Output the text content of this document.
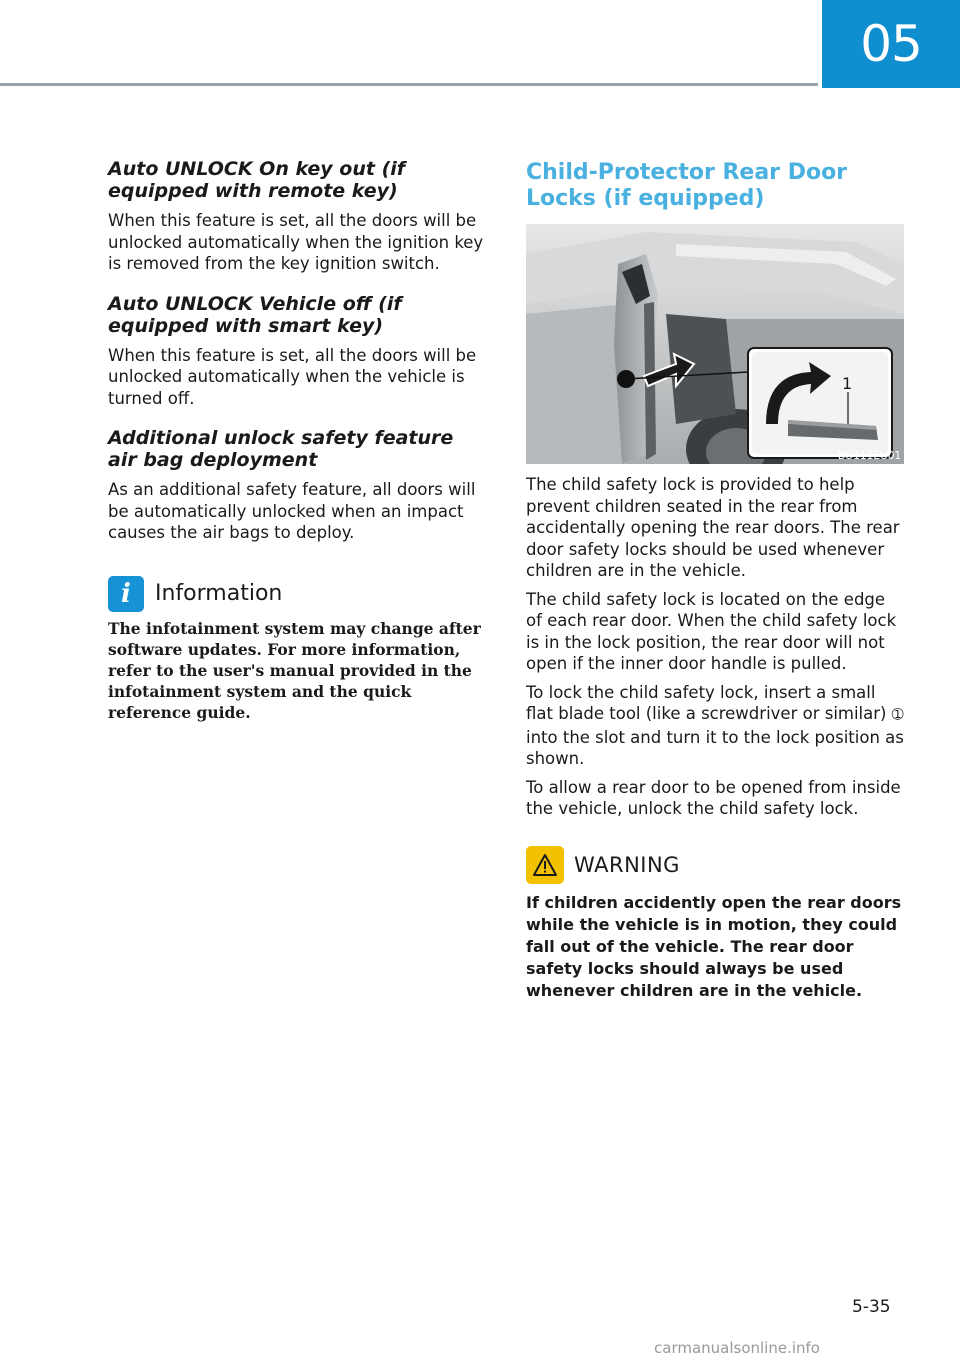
05
Auto UNLOCK On key out (if equipped with remote key)

When this feature is set, all the doors will be unlocked automatically when the ignition key is removed from the key ignition switch.

Auto UNLOCK Vehicle off (if equipped with smart key)

When this feature is set, all the doors will be unlocked automatically when the vehicle is turned off.

Additional unlock safety feature air bag deployment

As an additional safety feature, all doors will be automatically unlocked when an impact causes the air bags to deploy.

i	Information

The infotainment system may change after software updates. For more information, refer to the user's manual provided in the infotainment system and the quick reference guide.

Child-Protector Rear Door Locks (if equipped)
1
BO111EU01

The child safety lock is provided to help prevent children seated in the rear from accidentally opening the rear doors. The rear door safety locks should be used whenever children are in the vehicle.

The child safety lock is located on the edge of each rear door. When the child safety lock is in the lock position, the rear door will not open if the inner door handle is pulled.

To lock the child safety lock, insert a small flat blade tool (like a screwdriver or similar) ➀ into the slot and turn it to the lock position as shown.

To allow a rear door to be opened from inside the vehicle, unlock the child safety lock.

WARNING

If children accidently open the rear doors while the vehicle is in motion, they could fall out of the vehicle. The rear door safety locks should always be used whenever children are in the vehicle.

5-35
carmanualsonline.info
